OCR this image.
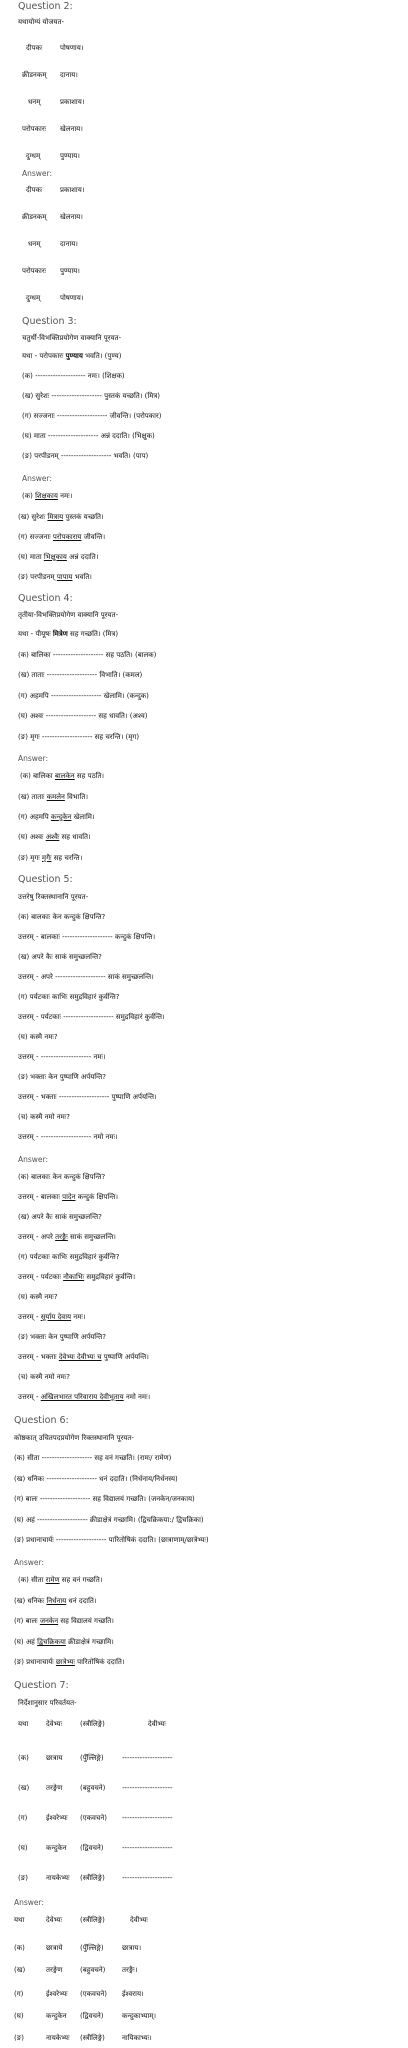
Question 2:
यथायोग्यं योजयत-
दीपकः	पोषणाय।
क्रीडनकम् दानाय।
धनम्	प्रकाशाय।
परोपकारः खेलनाय।
दुग्धम्	पुण्याय।
Answer:
दीपकः	प्रकाशाय।
क्रीडनकम् खेलनाय।
धनम्	दानाय।
परोपकारः पुण्याय।
दुग्धम्	पोषणाय।
Question 3:
चतुर्थी-विभक्तिप्रयोगेण वाक्यानि पूरयत-
यथा - परोपकारः पुण्याय भवति। (पुण्य)
(क) -------------------- नमः। (शिक्षक)
(ख) सुरेशः -------------------- पुस्तकं यच्छति। (मित्र)
(ग) सज्जनाः -------------------- जीवन्ति। (परोपकार)
(घ) माता -------------------- अन्नं ददाति। (भिक्षुक)
(ङ) परपीडनम् -------------------- भवति। (पाप)
Answer:
(क) शिक्षकाय नमः।
(ख) सुरेशः मित्राय पुस्तकं यच्छति।
(ग) सज्जनाः परोपकाराय जीवन्ति।
(घ) माता भिक्षुकाय अन्नं ददाति।
(ङ) परपीडनम् पापाय भवति।
Question 4:
तृतीया-विभक्तिप्रयोगेण वाक्यानि पूरयत-
यथा - पीयूषः मित्रेण सह गच्छति। (मित्र)
(क) बालिका -------------------- सह पठति। (बालक)
(ख) ताताः -------------------- विभाति। (कमल)
(ग) अहमपि -------------------- खेलामि। (कन्दुक)
(घ) अश्वः -------------------- सह धावति। (अश्व)
(ङ) मृगः -------------------- सह चरन्ति। (मृग)
Answer:
(क) बालिका बालकेन सह पठति।
(ख) ताताः कमलेन विभाति।
(ग) अहमपि कन्दुकेन खेलामि।
(घ) अश्वः अश्वैः सह धावति।
(ङ) मृगः मृगैः सह चरन्ति।
Question 5:
उत्तरेषु रिक्तस्थानानि पूरयत-
(क) बालकाः केन कन्दुकं क्षिपन्ति?
उत्तरम् - बालकाः -------------------- कन्दुकं क्षिपन्ति।
(ख) अपरे कैः साकं समुच्छलन्ति?
उत्तरम् - अपरे -------------------- साकं समुच्छलन्ति।
(ग) पर्यटकाः काभिः समुद्रविहारं कुर्वन्ति?
उत्तरम् - पर्यटकाः -------------------- समुद्रविहारं कुर्वन्ति।
(घ) कस्मै नमः?
उत्तरम् - -------------------- नमः।
(ङ) भक्ताः केन पुष्पाणि अर्पयन्ति?
उत्तरम् - भक्ताः -------------------- पुष्पाणि अर्पयन्ति।
(च) कस्मै नमो नमः?
उत्तरम् - -------------------- नमो नमः।
Answer:
(क) बालकाः केन कन्दुकं क्षिपन्ति?
उत्तरम् - बालकाः पादेन कन्दुकं क्षिपन्ति।
(ख) अपरे कैः साकं समुच्छलन्ति?
उत्तरम् - अपरे तरङ्गैः साकं समुच्छलन्ति।
(ग) पर्यटकाः काभिः समुद्रविहारं कुर्वन्ति?
उत्तरम् - पर्यटकाः नौकाभिः समुद्रविहारं कुर्वन्ति।
(घ) कस्मै नमः?
उत्तरम् - सूर्याय देवाय नमः।
(ङ) भक्ताः केन पुष्पाणि अर्पयन्ति?
उत्तरम् - भक्ताः देवेभ्यः देवीभ्यः च पुष्पाणि अर्पयन्ति।
(च) कस्मै नमो नमः?
उत्तरम् - अखिलभारत परिवाराय देवीभूताय नमो नमः।
Question 6:
कोष्ठकात् उचितपदप्रयोगेण रिक्तस्थानानि पूरयत-
(क) सीता -------------------- सह वनं गच्छति। (रामः/ रामेण)
(ख) धनिकः -------------------- धनं ददाति। (निर्धनाय/निर्धनस्य)
(ग) बालः -------------------- सह विद्यालयं गच्छति। (जनकेन/जनकाय)
(घ) अहं -------------------- क्रीडाक्षेत्रं गच्छामि। (द्विचक्रिकया:/ द्विचक्रिका)
(ङ) प्रधानाचार्यः -------------------- पारितोषिकं ददाति। (छात्राणाम्/छात्रेभ्यः)
Answer:
(क) सीता रामेण सह वनं गच्छति।
(ख) धनिकः निर्धनाय धनं ददाति।
(ग) बालः जनकेन सह विद्यालयं गच्छति।
(घ) अहं द्विचक्रिकया क्रीडाक्षेत्रं गच्छामि।
(ङ) प्रधानाचार्यः छात्रेभ्यः पारितोषिकं ददाति।
Question 7:
निर्देशानुसार परिवर्तयत-
यथा	देवेभ्यः	(स्त्रीलिङ्गे)	देवीभ्यः
(क) छात्राय	(पुँल्लिङ्गे)	--------------------
(ख) तरङ्गेण	(बहुवचने) --------------------
(ग)	ईश्वरेभ्यः (एकवचने) --------------------
(घ)	कन्दुकेन (द्विवचने)	--------------------
(ङ)	नायकेभ्यः (स्त्रीलिङ्गे) --------------------
Answer:
यथा	देवेभ्यः	(स्त्रीलिङ्गे)	देवीभ्यः
(क)	छात्राये	(पुँल्लिङ्गे)	छात्राय।
(ख)	तरङ्गेण	(बहुवचने) तरङ्गैः।
(ग)	ईश्वरेभ्यः (एकवचने) ईश्वराय।
(घ)	कन्दुकेन (द्विवचने)	कन्दुकाभ्याम्।
(ङ)	नायकेभ्यः (स्त्रीलिङ्गे) नायिकाभ्यः।
